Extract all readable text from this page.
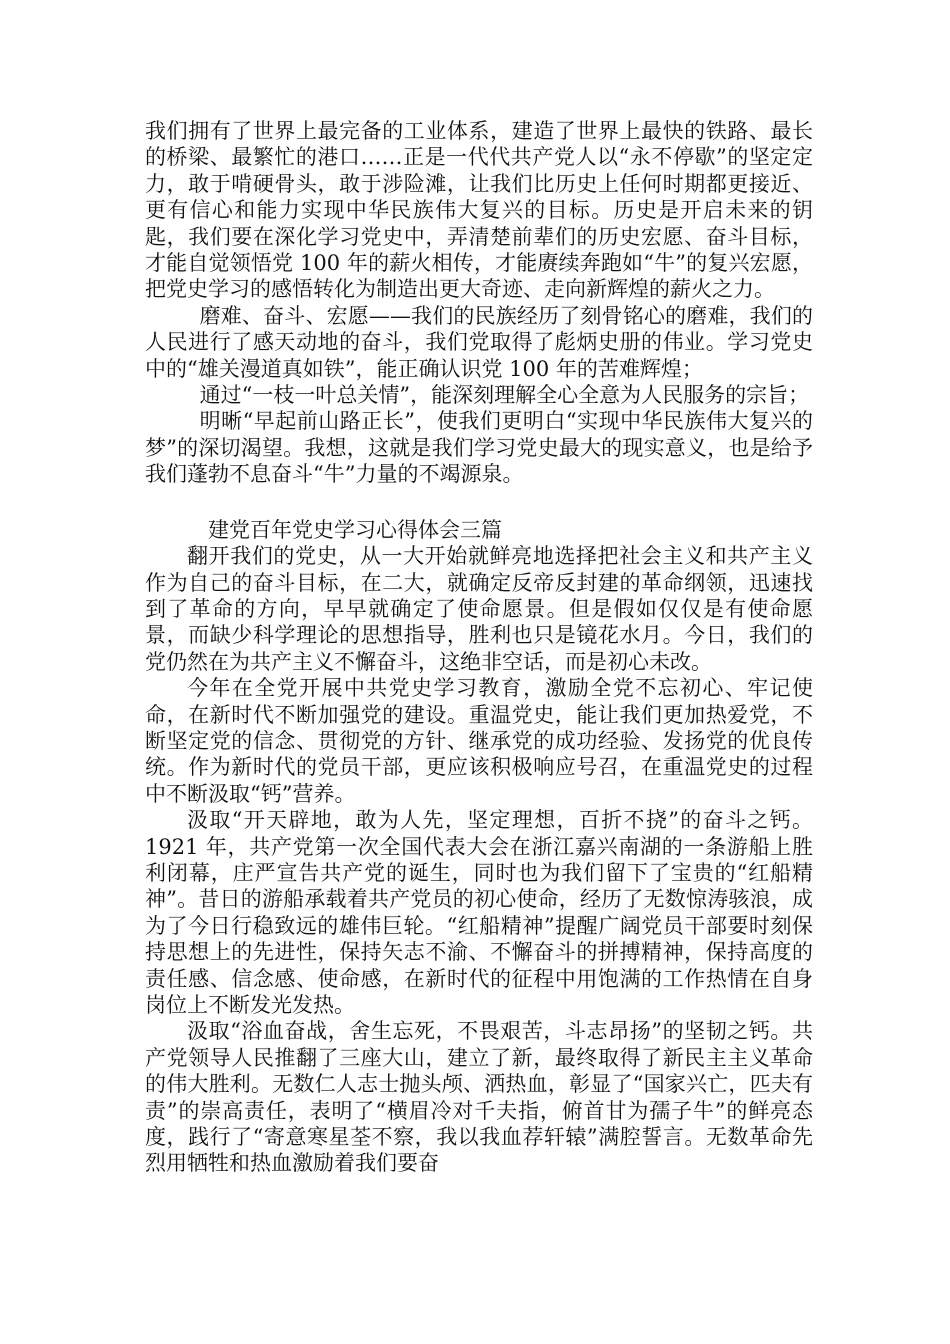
我们拥有了世界上最完备的工业体系，建造了世界上最快的铁路、最长的桥梁、最繁忙的港口……正是一代代共产党人以“永不停歇”的坚定定力，敢于啃硬骨头，敢于涉险滩，让我们比历史上任何时期都更接近、更有信心和能力实现中华民族伟大复兴的目标。历史是开启未来的钥匙，我们要在深化学习党史中，弄清楚前辈们的历史宏愿、奋斗目标，才能自觉领悟党 100 年的薪火相传，才能赓续奔跑如“牛”的复兴宏愿，把党史学习的感悟转化为制造出更大奇迹、走向新辉煌的薪火之力。

磨难、奋斗、宏愿——我们的民族经历了刻骨铭心的磨难，我们的人民进行了感天动地的奋斗，我们党取得了彪炳史册的伟业。学习党史中的“雄关漫道真如铁”，能正确认识党 100 年的苦难辉煌；

通过“一枝一叶总关情”，能深刻理解全心全意为人民服务的宗旨；

明晰“早起前山路正长”，使我们更明白“实现中华民族伟大复兴的梦”的深切渴望。我想，这就是我们学习党史最大的现实意义，也是给予我们蓬勃不息奋斗“牛”力量的不竭源泉。

建党百年党史学习心得体会三篇

翻开我们的党史，从一大开始就鲜亮地选择把社会主义和共产主义作为自己的奋斗目标，在二大，就确定反帝反封建的革命纲领，迅速找到了革命的方向，早早就确定了使命愿景。但是假如仅仅是有使命愿景，而缺少科学理论的思想指导，胜利也只是镜花水月。今日，我们的党仍然在为共产主义不懈奋斗，这绝非空话，而是初心未改。

今年在全党开展中共党史学习教育，激励全党不忘初心、牢记使命，在新时代不断加强党的建设。重温党史，能让我们更加热爱党，不断坚定党的信念、贯彻党的方针、继承党的成功经验、发扬党的优良传统。作为新时代的党员干部，更应该积极响应号召，在重温党史的过程中不断汲取“钙”营养。

汲取“开天辟地，敢为人先，坚定理想，百折不挠”的奋斗之钙。1921 年，共产党第一次全国代表大会在浙江嘉兴南湖的一条游船上胜利闭幕，庄严宣告共产党的诞生，同时也为我们留下了宝贵的“红船精神”。昔日的游船承载着共产党员的初心使命，经历了无数惊涛骇浪，成为了今日行稳致远的雄伟巨轮。“红船精神”提醒广阔党员干部要时刻保持思想上的先进性，保持矢志不渝、不懈奋斗的拼搏精神，保持高度的责任感、信念感、使命感，在新时代的征程中用饱满的工作热情在自身岗位上不断发光发热。

汲取“浴血奋战，舍生忘死，不畏艰苦，斗志昂扬”的坚韧之钙。共产党领导人民推翻了三座大山，建立了新，最终取得了新民主主义革命的伟大胜利。无数仁人志士抛头颅、洒热血，彰显了“国家兴亡，匹夫有责”的崇高责任，表明了“横眉冷对千夫指，俯首甘为孺子牛”的鲜亮态度，践行了“寄意寒星荃不察，我以我血荐轩辕”满腔誓言。无数革命先烈用牺牲和热血激励着我们要奋
